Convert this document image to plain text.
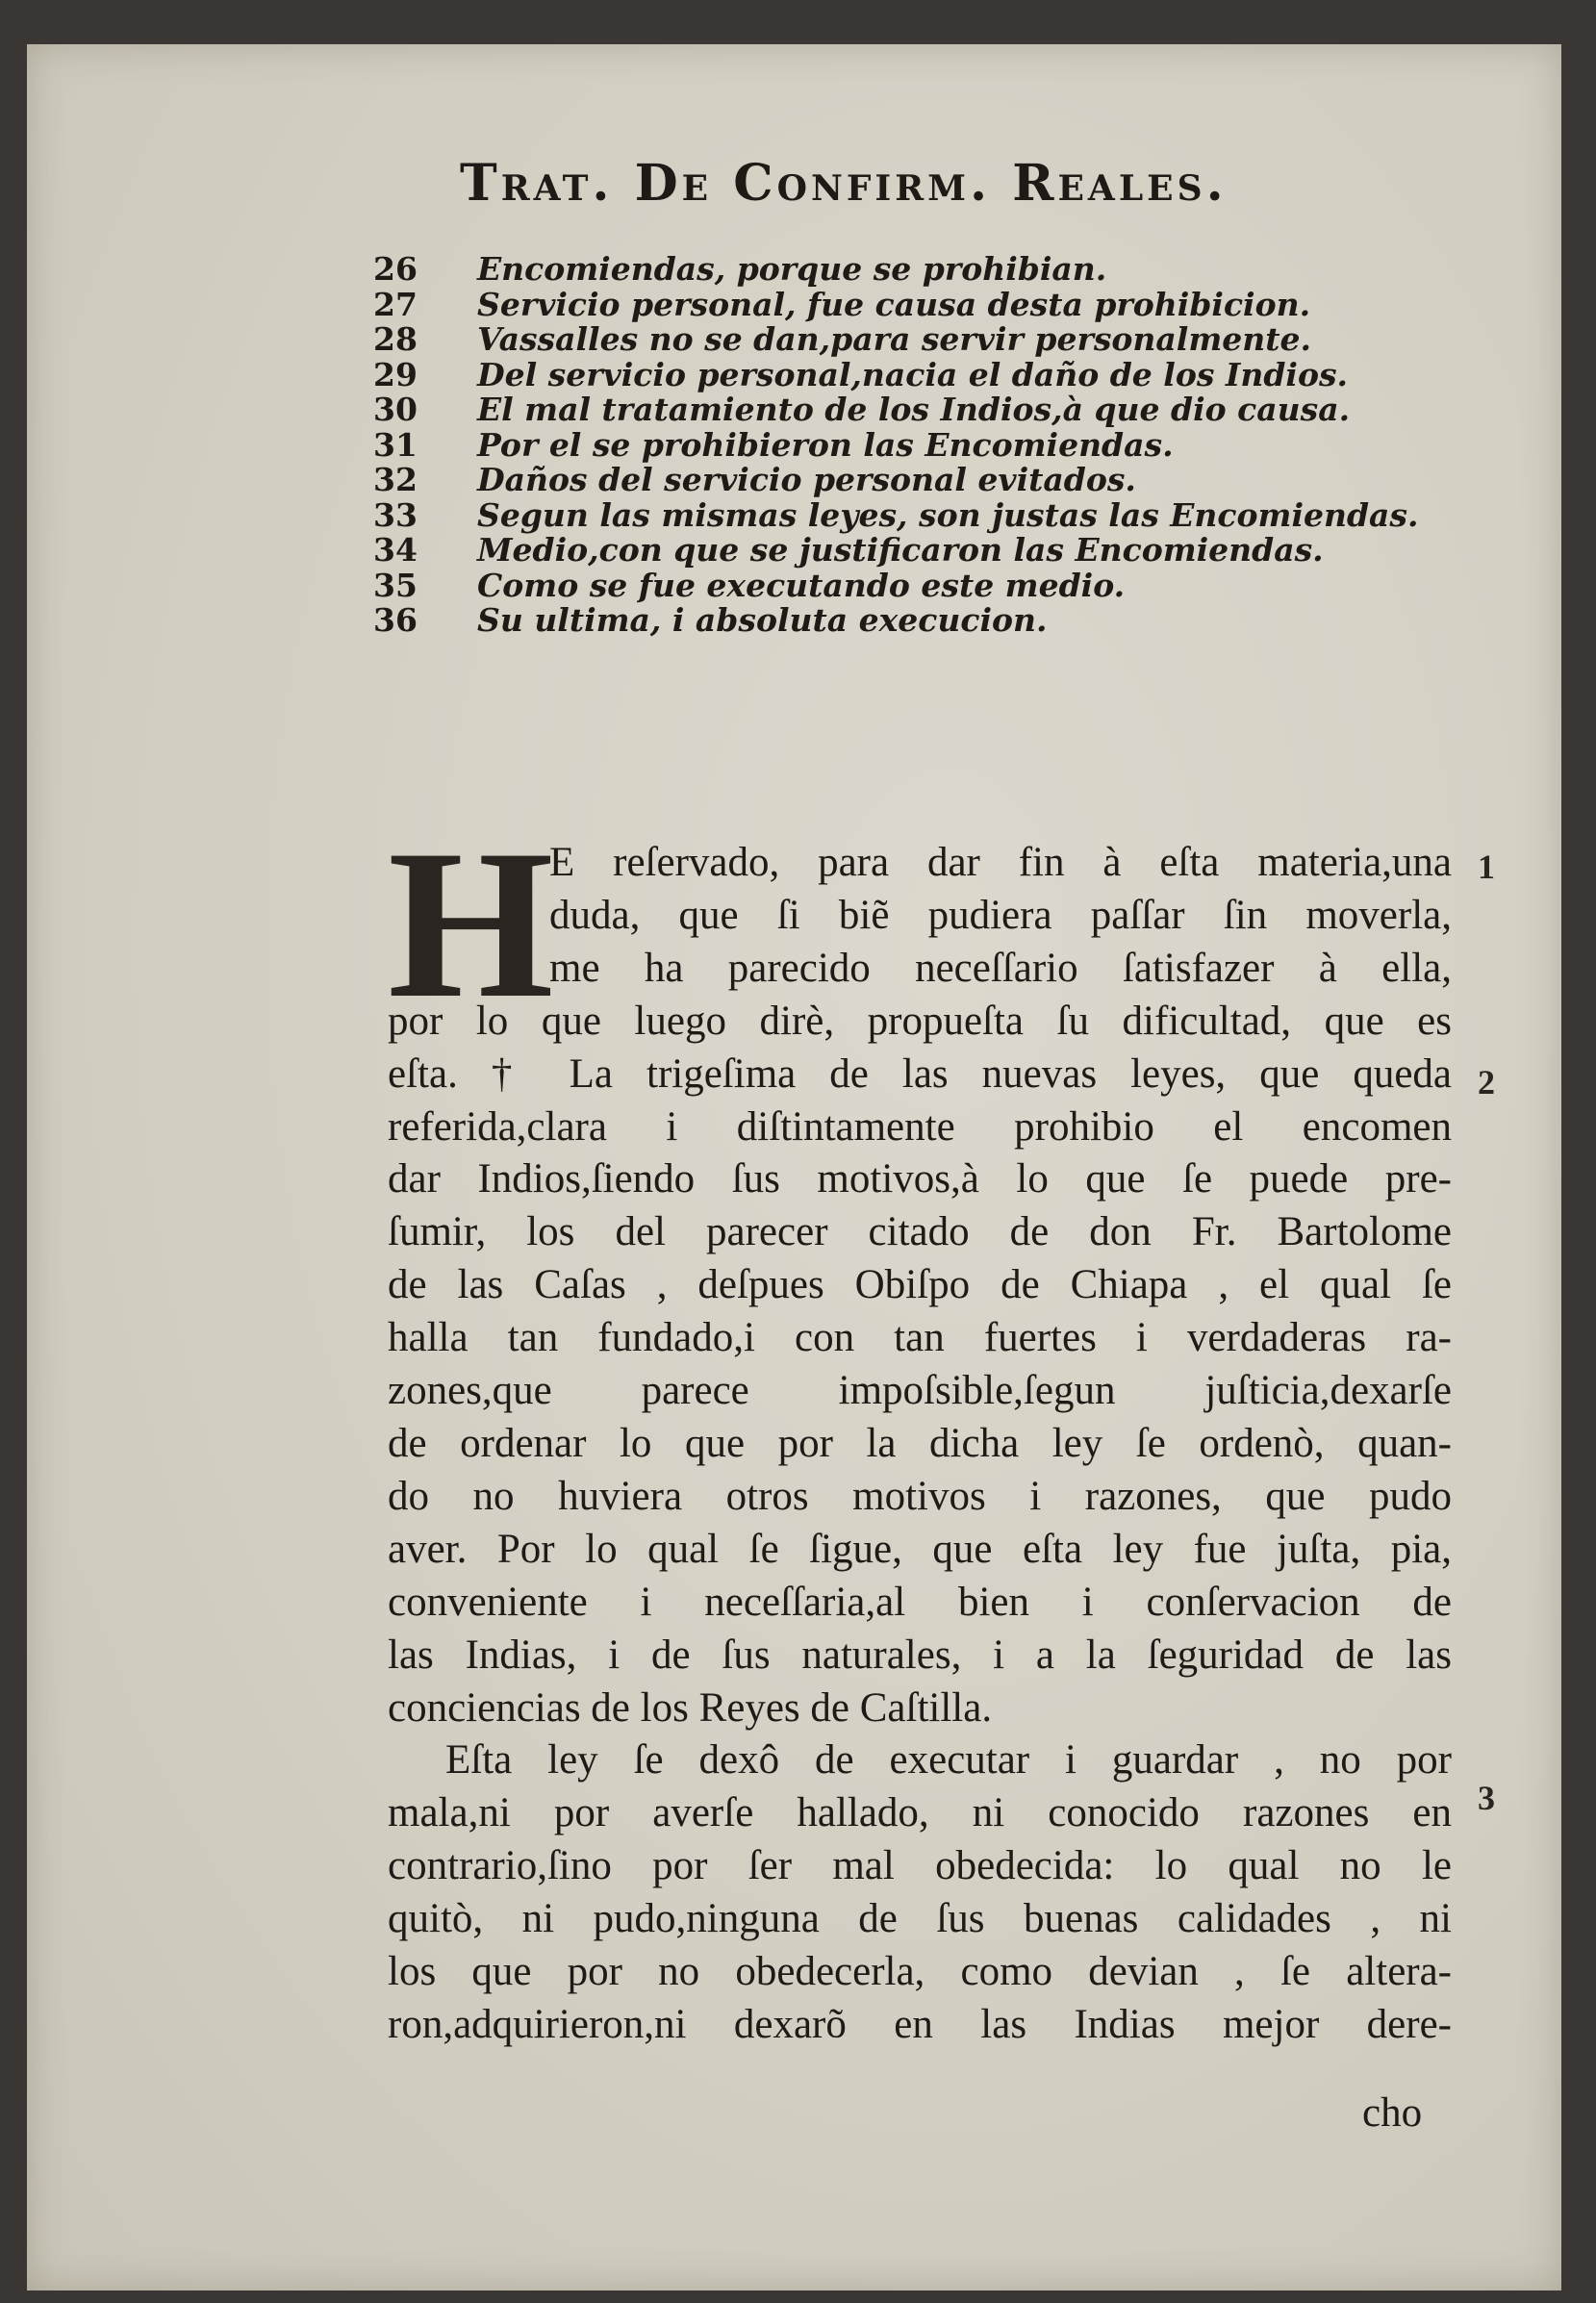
Trat. De Confirm. Reales.
26	Encomiendas, porque se prohibian.
27	Servicio personal, fue causa desta prohibicion.
28	Vassalles no se dan,para servir personalmente.
29	Del servicio personal,nacia el daño de los Indios.
30	El mal tratamiento de los Indios,à que dio causa.
31	Por el se prohibieron las Encomiendas.
32	Daños del servicio personal evitados.
33	Segun las mismas leyes, son justas las Encomiendas.
34	Medio,con que se justificaron las Encomiendas.
35	Como se fue executando este medio.
36	Su ultima, i absoluta execucion.
H

E reſervado, para dar fin à eſta materia,una
duda, que ſi biẽ pudiera paſſar ſin moverla,
me ha parecido neceſſario ſatisfazer à ella,
por lo que luego dirè, propueſta ſu dificultad, que es
eſta. † La trigeſima de las nuevas leyes, que queda
referida,clara i diſtintamente prohibio el encomen
dar Indios,ſiendo ſus motivos,à lo que ſe puede pre-
ſumir, los del parecer citado de don Fr. Bartolome
de las Caſas , deſpues Obiſpo de Chiapa , el qual ſe
halla tan fundado,i con tan fuertes i verdaderas ra-
zones,que parece impoſsible,ſegun juſticia,dexarſe
de ordenar lo que por la dicha ley ſe ordenò, quan-
do no huviera otros motivos i razones, que pudo
aver. Por lo qual ſe ſigue, que eſta ley fue juſta, pia,
conveniente i neceſſaria,al bien i conſervacion de
las Indias, i de ſus naturales, i a la ſeguridad de las
conciencias de los Reyes de Caſtilla.

Eſta ley ſe dexô de executar i guardar , no por
mala,ni por averſe hallado, ni conocido razones en
contrario,ſino por ſer mal obedecida: lo qual no le
quitò, ni pudo,ninguna de ſus buenas calidades , ni
los que por no obedecerla, como devian , ſe altera-
ron,adquirieron,ni dexarõ en las Indias mejor dere-

cho
1
2
3
